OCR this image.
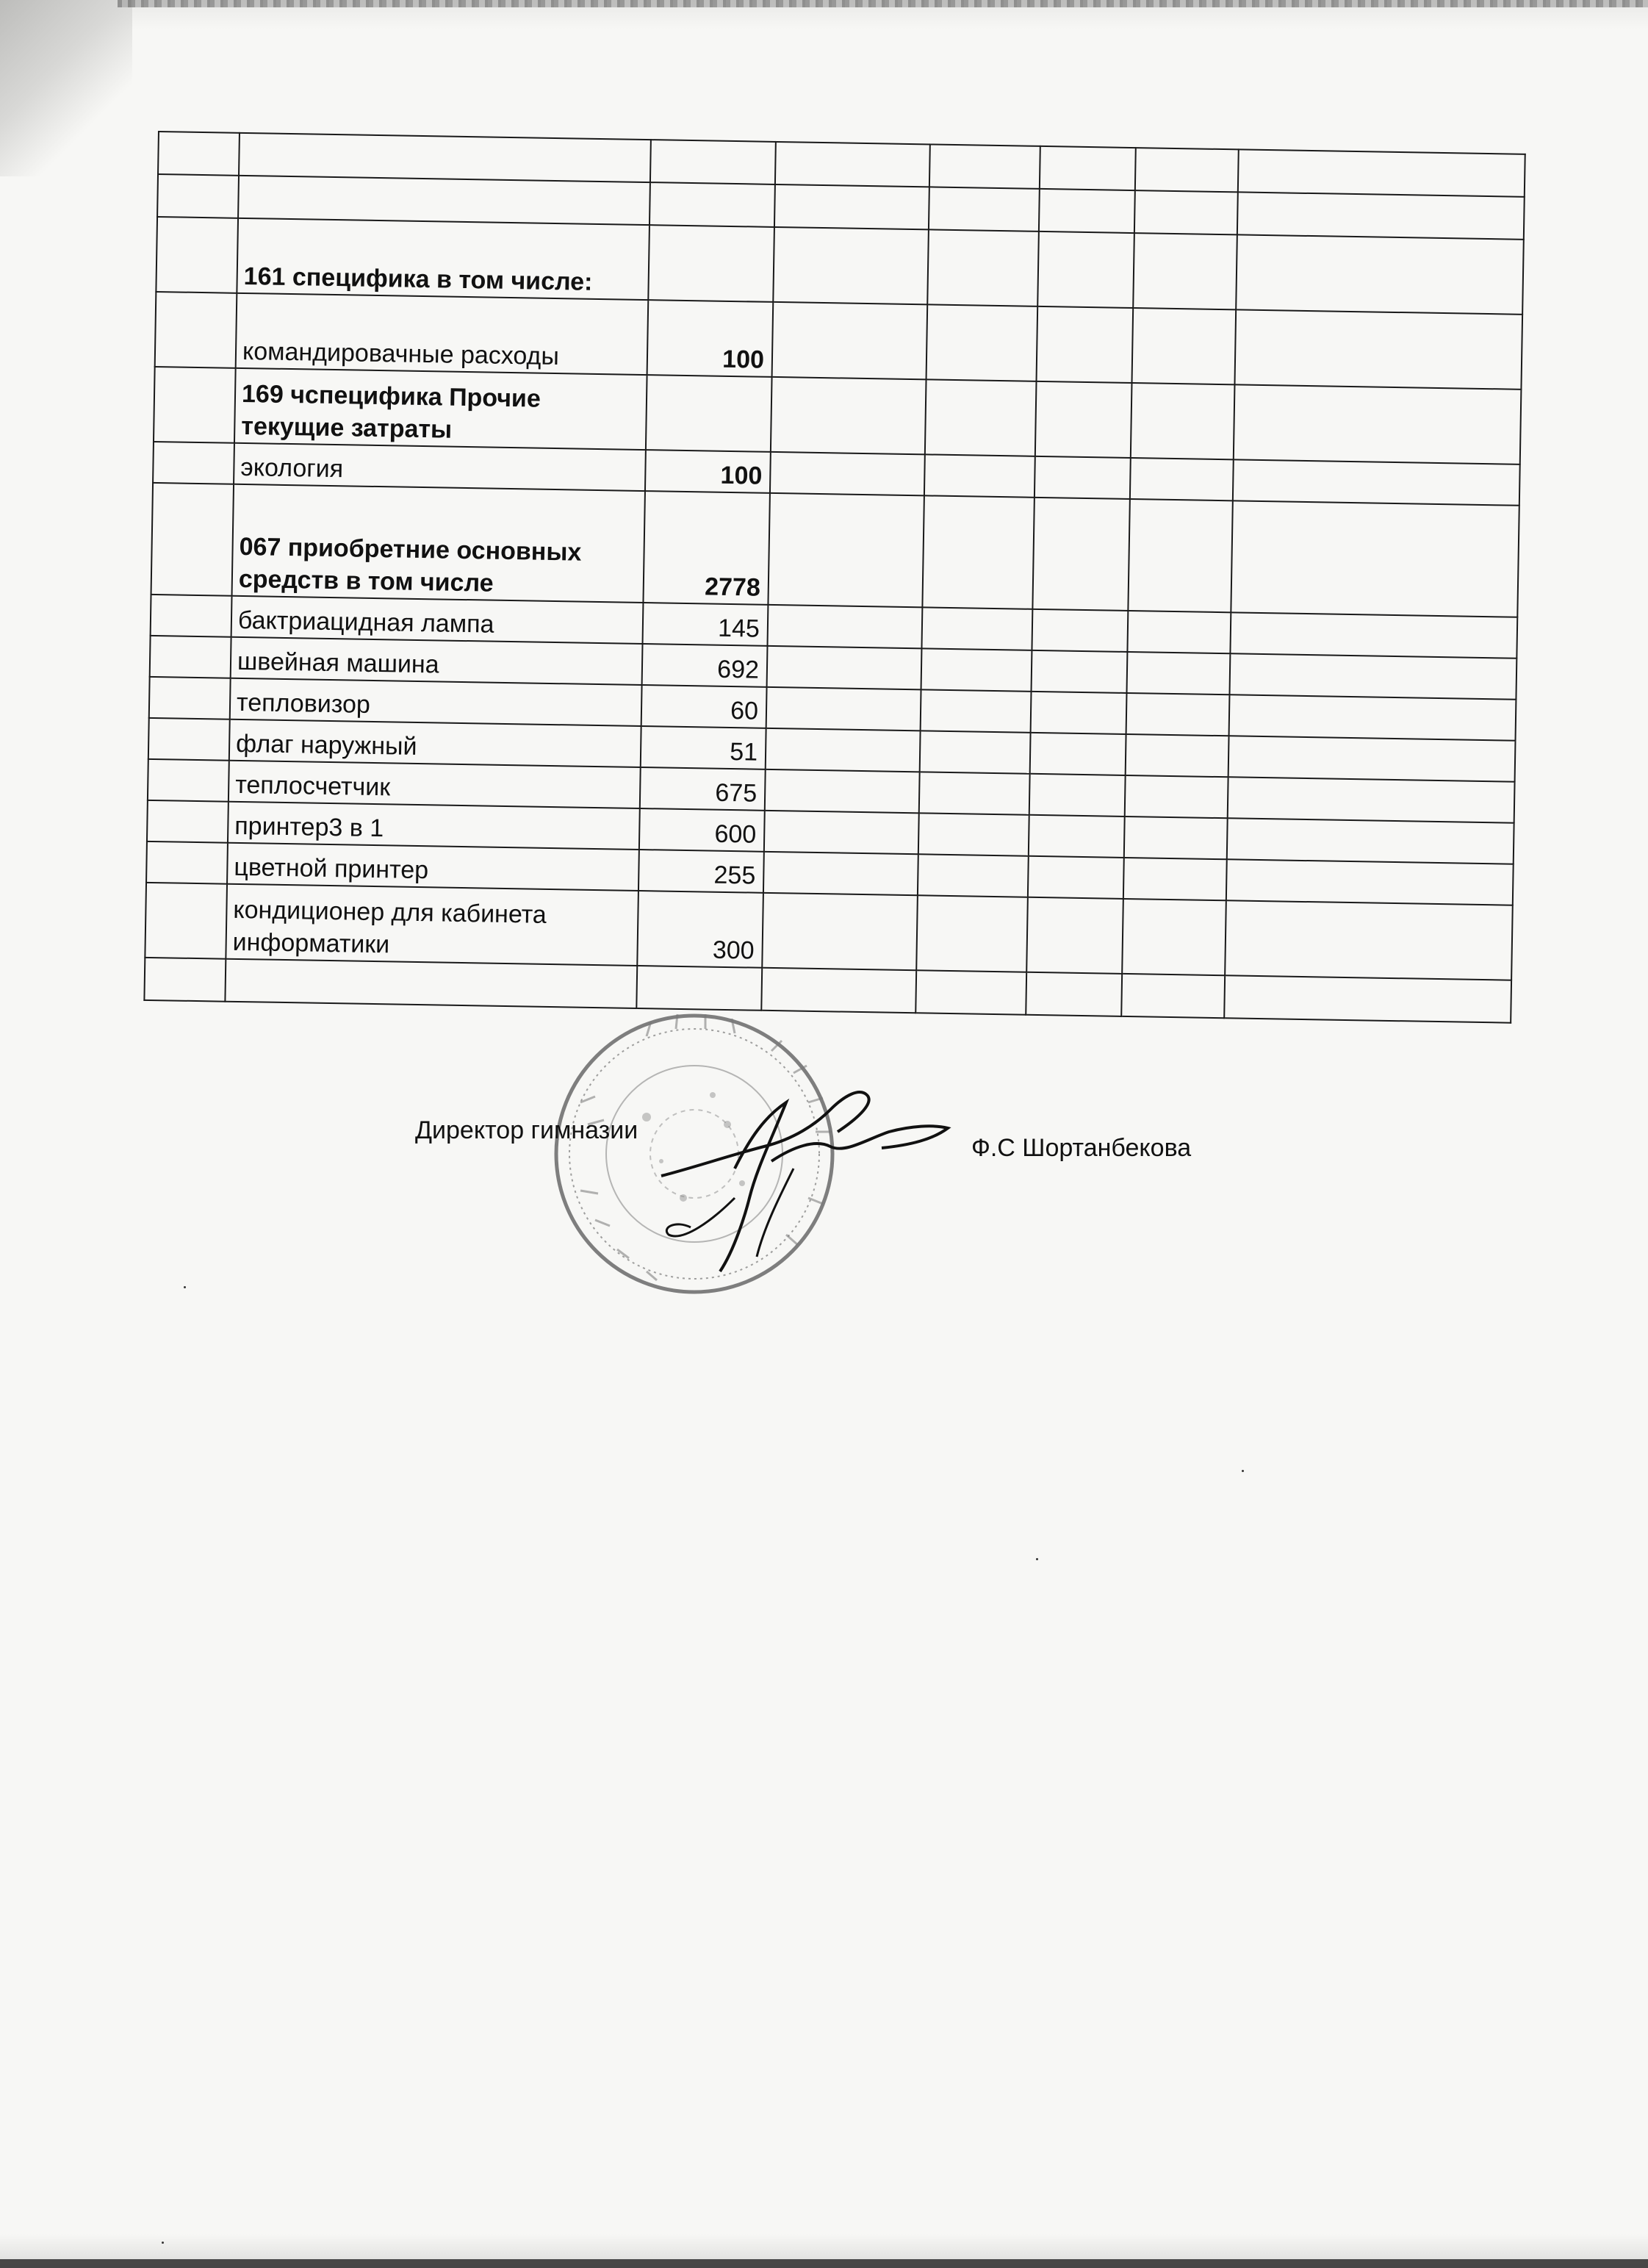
	161 специфика в том числе:						
	командировачные расходы	100					
	169 чспецифика Прочие текущие затраты						
	экология	100					
	067 приобретние основных средств в том числе	2778					
	бактриацидная лампа	145					
	швейная машина	692					
	тепловизор	60					
	флаг наружный	51					
	теплосчетчик	675					
	принтер3 в 1	600					
	цветной принтер	255					
	кондиционер для кабинета информатики	300					

Директор гимназии
Ф.С Шортанбекова
